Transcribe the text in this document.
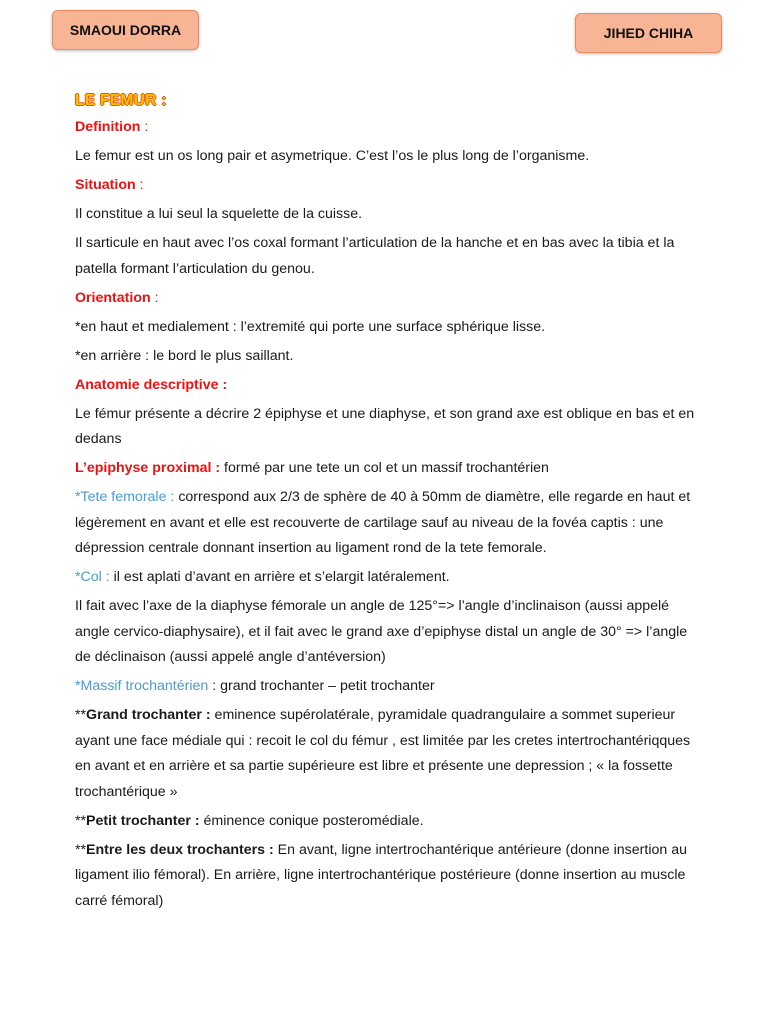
SMAOUI DORRA	JIHED CHIHA
LE FEMUR :

Definition :

Le femur est un os long pair et asymetrique. C’est l’os le plus long de l’organisme.

Situation :

Il constitue a lui seul la squelette de la cuisse.

Il sarticule en haut avec l’os coxal formant l’articulation de la hanche et en bas avec la tibia et la patella formant l’articulation du genou.

Orientation :

*en haut et medialement : l’extremité qui porte une surface sphérique lisse.

*en arrière : le bord le plus saillant.

Anatomie descriptive :

Le fémur présente a décrire 2 épiphyse et une diaphyse, et son grand axe est oblique en bas et en dedans

L’epiphyse proximal : formé par une tete un col et un massif trochantérien

*Tete femorale : correspond aux 2/3 de sphère de 40 à 50mm de diamètre, elle regarde en haut et légèrement en avant et elle est recouverte de cartilage sauf au niveau de la fovéa captis : une dépression centrale donnant insertion au ligament rond de la tete femorale.

*Col : il est aplati d’avant en arrière et s’elargit latéralement.

Il fait avec l’axe de la diaphyse fémorale un angle de 125°=> l’angle d’inclinaison (aussi appelé angle cervico-diaphysaire), et il fait avec le grand axe d’epiphyse distal un angle de 30° => l’angle de déclinaison (aussi appelé angle d’antéversion)

*Massif trochantérien : grand trochanter – petit trochanter

**Grand trochanter : eminence supérolatérale, pyramidale quadrangulaire a sommet superieur ayant une face médiale qui : recoit le col du fémur , est limitée par les cretes intertrochantériqques en avant et en arrière et sa partie supérieure est libre et présente une depression ; « la fossette trochantérique »

**Petit trochanter : éminence conique posteromédiale.

**Entre les deux trochanters : En avant, ligne intertrochantérique antérieure (donne insertion au ligament ilio fémoral). En arrière, ligne intertrochantérique postérieure (donne insertion au muscle carré fémoral)
